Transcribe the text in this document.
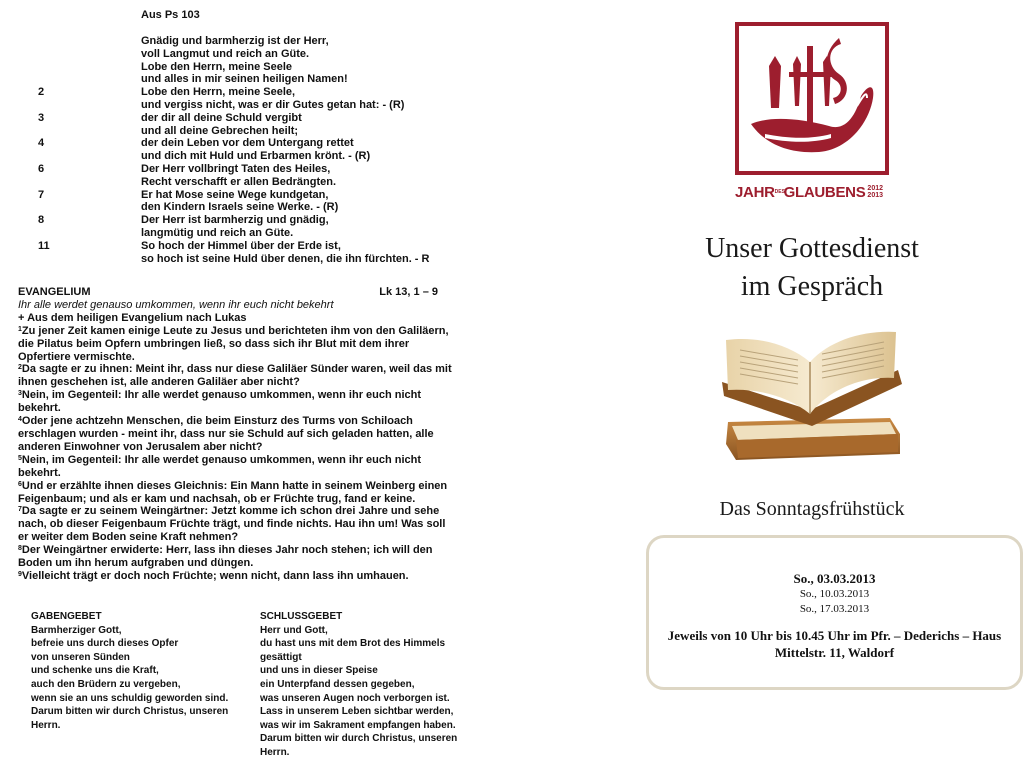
Aus Ps 103
Gnädig und barmherzig ist der Herr,
voll Langmut und reich an Güte.
Lobe den Herrn, meine Seele
und alles in mir seinen heiligen Namen!
2	Lobe den Herrn, meine Seele,
und vergiss nicht, was er dir Gutes getan hat: - (R)
3	der dir all deine Schuld vergibt
und all deine Gebrechen heilt;
4	der dein Leben vor dem Untergang rettet
und dich mit Huld und Erbarmen krönt. - (R)
6	Der Herr vollbringt Taten des Heiles,
Recht verschafft er allen Bedrängten.
7	Er hat Mose seine Wege kundgetan,
den Kindern Israels seine Werke. - (R)
8	Der Herr ist barmherzig und gnädig,
langmütig und reich an Güte.
11	So hoch der Himmel über der Erde ist,
so hoch ist seine Huld über denen, die ihn fürchten. - R
EVANGELIUM	Lk 13, 1 – 9
Ihr alle werdet genauso umkommen, wenn ihr euch nicht bekehrt
+ Aus dem heiligen Evangelium nach Lukas
$^1$Zu jener Zeit kamen einige Leute zu Jesus und berichteten ihm von den Galiläern, die Pilatus beim Opfern umbringen ließ, so dass sich ihr Blut mit dem ihrer Opfertiere vermischte.
$^2$Da sagte er zu ihnen: Meint ihr, dass nur diese Galiläer Sünder waren, weil das mit ihnen geschehen ist, alle anderen Galiläer aber nicht?
$^3$Nein, im Gegenteil: Ihr alle werdet genauso umkommen, wenn ihr euch nicht bekehrt.
$^4$Oder jene achtzehn Menschen, die beim Einsturz des Turms von Schiloach erschlagen wurden - meint ihr, dass nur sie Schuld auf sich geladen hatten, alle anderen Einwohner von Jerusalem aber nicht?
$^5$Nein, im Gegenteil: Ihr alle werdet genauso umkommen, wenn ihr euch nicht bekehrt.
$^6$Und er erzählte ihnen dieses Gleichnis: Ein Mann hatte in seinem Weinberg einen Feigenbaum; und als er kam und nachsah, ob er Früchte trug, fand er keine.
$^7$Da sagte er zu seinem Weingärtner: Jetzt komme ich schon drei Jahre und sehe nach, ob dieser Feigenbaum Früchte trägt, und finde nichts. Hau ihn um! Was soll er weiter dem Boden seine Kraft nehmen?
$^8$Der Weingärtner erwiderte: Herr, lass ihn dieses Jahr noch stehen; ich will den Boden um ihn herum aufgraben und düngen.
$^9$Vielleicht trägt er doch noch Früchte; wenn nicht, dann lass ihn umhauen.
GABENGEBET
Barmherziger Gott,
befreie uns durch dieses Opfer
von unseren Sünden
und schenke uns die Kraft,
auch den Brüdern zu vergeben,
wenn sie an uns schuldig geworden sind.
Darum bitten wir durch Christus, unseren
Herrn.
SCHLUSSGEBET
Herr und Gott,
du hast uns mit dem Brot des Himmels
gesättigt
und uns in dieser Speise
ein Unterpfand dessen gegeben,
was unseren Augen noch verborgen ist.
Lass in unserem Leben sichtbar werden,
was wir im Sakrament empfangen haben.
Darum bitten wir durch Christus, unseren
Herrn.
JAHR DES
GLAUBENS 2012
2013
Unser Gottesdienst
im Gespräch
Das Sonntagsfrühstück
So., 03.03.2013
So., 10.03.2013
So., 17.03.2013
Jeweils von 10 Uhr bis 10.45 Uhr im Pfr. – Dederichs – Haus
Mittelstr. 11, Waldorf
